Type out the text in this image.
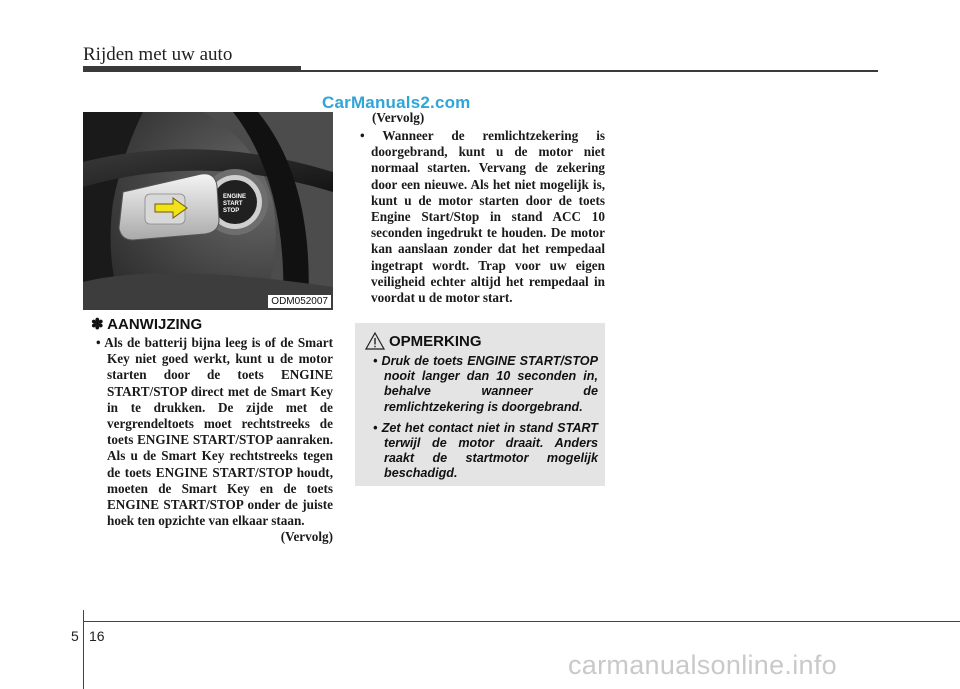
Rijden met uw auto
CarManuals2.com
ENGINE
START
STOP
ODM052007
✽ AANWIJZING
• Als de batterij bijna leeg is of de Smart Key niet goed werkt, kunt u de motor starten door de toets ENGINE START/STOP direct met de Smart Key in te drukken. De zijde met de vergrendeltoets moet rechtstreeks de toets ENGINE START/STOP aanraken. Als u de Smart Key rechtstreeks tegen de toets ENGINE START/STOP houdt, moeten de Smart Key en de toets ENGINE START/STOP onder de juiste hoek ten opzichte van elkaar staan.
(Vervolg)
(Vervolg)
• Wanneer de remlichtzekering is doorgebrand, kunt u de motor niet normaal starten. Vervang de zekering door een nieuwe. Als het niet mogelijk is, kunt u de motor starten door de toets Engine Start/Stop in stand ACC 10 seconden ingedrukt te houden. De motor kan aanslaan zonder dat het rempedaal ingetrapt wordt. Trap voor uw eigen veiligheid echter altijd het rempedaal in voordat u de motor start.
OPMERKING
• Druk de toets ENGINE START/STOP nooit langer dan 10 seconden in, behalve wanneer de remlichtzekering is doorgebrand.
• Zet het contact niet in stand START terwijl de motor draait. Anders raakt de startmotor mogelijk beschadigd.
5 16
carmanualsonline.info
